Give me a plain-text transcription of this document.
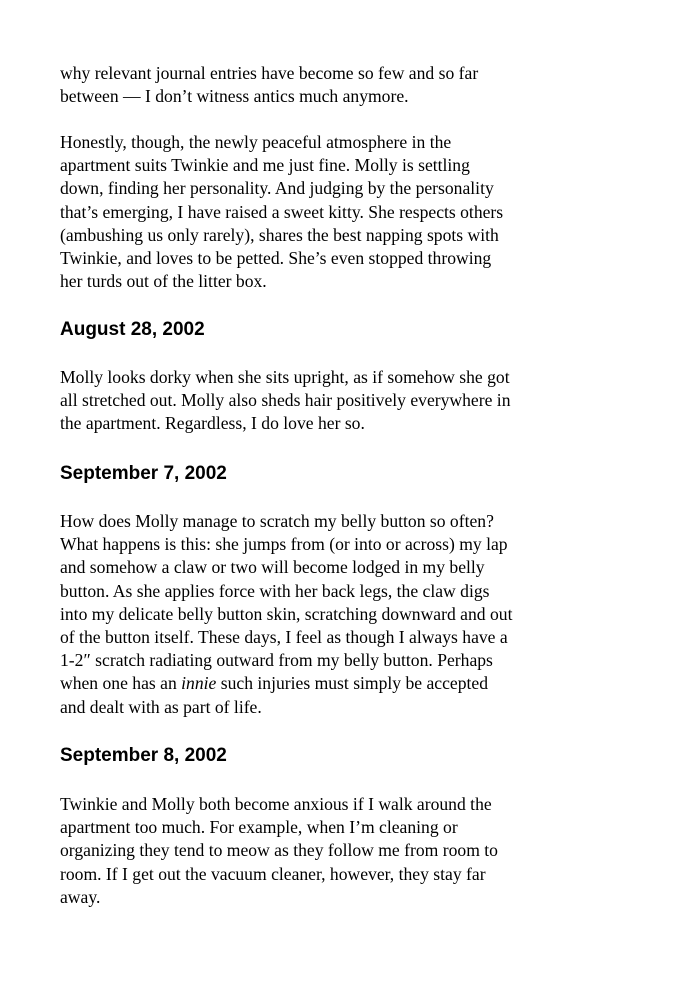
why relevant journal entries have become so few and so far
between — I don’t witness antics much anymore.

Honestly, though, the newly peaceful atmosphere in the
apartment suits Twinkie and me just fine. Molly is settling
down, finding her personality. And judging by the personality
that’s emerging, I have raised a sweet kitty. She respects others
(ambushing us only rarely), shares the best napping spots with
Twinkie, and loves to be petted. She’s even stopped throwing
her turds out of the litter box.

August 28, 2002

Molly looks dorky when she sits upright, as if somehow she got
all stretched out. Molly also sheds hair positively everywhere in
the apartment. Regardless, I do love her so.

September 7, 2002

How does Molly manage to scratch my belly button so often?
What happens is this: she jumps from (or into or across) my lap
and somehow a claw or two will become lodged in my belly
button. As she applies force with her back legs, the claw digs
into my delicate belly button skin, scratching downward and out
of the button itself. These days, I feel as though I always have a
1-2″ scratch radiating outward from my belly button. Perhaps
when one has an innie such injuries must simply be accepted
and dealt with as part of life.

September 8, 2002

Twinkie and Molly both become anxious if I walk around the
apartment too much. For example, when I’m cleaning or
organizing they tend to meow as they follow me from room to
room. If I get out the vacuum cleaner, however, they stay far
away.
